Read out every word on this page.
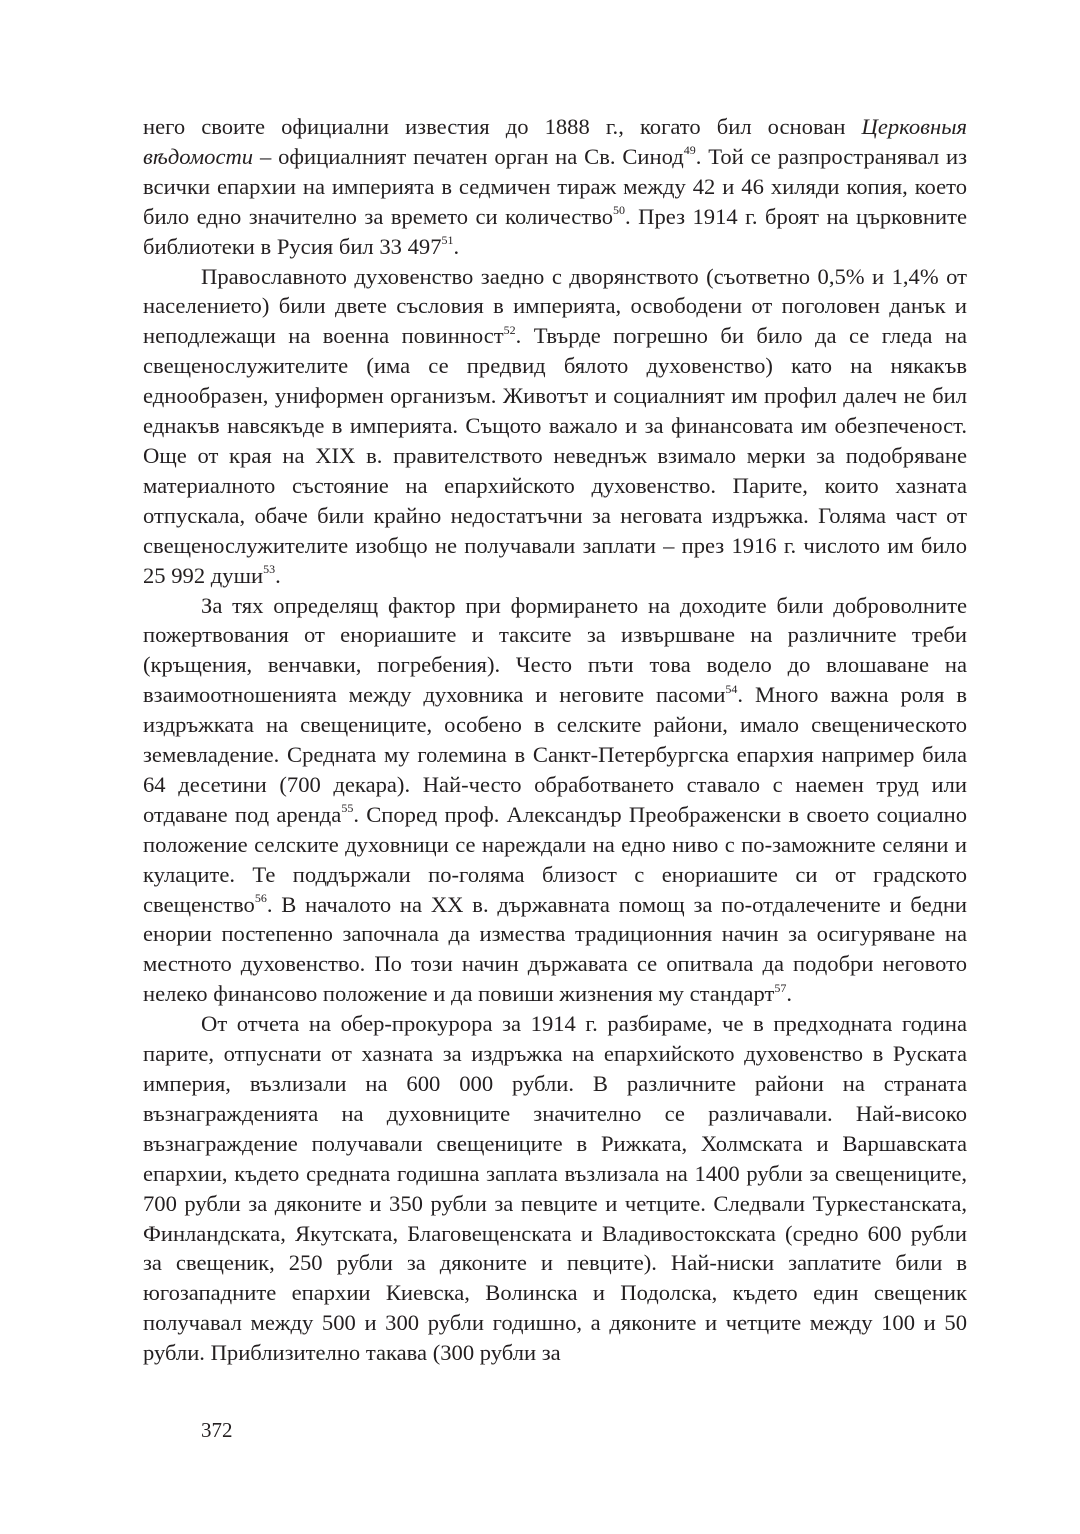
него своите официални известия до 1888 г., когато бил основан Церковныя вѣдомости – официалният печатен орган на Св. Синод$^{49}$. Той се разпространявал из всички епархии на империята в седмичен тираж между 42 и 46 хиляди копия, което било едно значително за времето си количество$^{50}$. През 1914 г. броят на църковните библиотеки в Русия бил 33 $497^{51}$.

Православното духовенство заедно с дворянството (съответно 0,5% и 1,4% от населението) били двете съсловия в империята, освободени от поголовен данък и неподлежащи на военна повинност$^{52}$. Твърде погрешно би било да се гледа на свещенослужителите (има се предвид бялото духовенство) като на някакъв еднообразен, униформен организъм. Животът и социалният им профил далеч не бил еднакъв навсякъде в империята. Същото важало и за финансовата им обезпеченост. Още от края на XIX в. правителството неведнъж взимало мерки за подобряване материалното състояние на епархийското духовенство. Парите, които хазната отпускала, обаче били крайно недостатъчни за неговата издръжка. Голяма част от свещенослужителите изобщо не получавали заплати – през 1916 г. числото им било 25 992 души$^{53}$.

За тях определящ фактор при формирането на доходите били доброволните пожертвования от енориашите и таксите за извършване на различните треби (кръщения, венчавки, погребения). Често пъти това водело до влошаване на взаимоотношенията между духовника и неговите пасоми$^{54}$. Много важна роля в издръжката на свещениците, особено в селските райони, имало свещеническото земевладение. Средната му големина в Санкт-Петербургска епархия например била 64 десетини (700 декара). Най-често обработването ставало с наемен труд или отдаване под аренда$^{55}$. Според проф. Александър Преображенски в своето социално положение селските духовници се нареждали на едно ниво с по-заможните селяни и кулаците. Те поддържали по-голяма близост с енориашите си от градското свещенство$^{56}$. В началото на XX в. държавната помощ за по-отдалечените и бедни енории постепенно започнала да измества традиционния начин за осигуряване на местното духовенство. По този начин държавата се опитвала да подобри неговото нелеко финансово положение и да повиши жизнения му стандарт$^{57}$.

От отчета на обер-прокурора за 1914 г. разбираме, че в предходната година парите, отпуснати от хазната за издръжка на епархийското духовенство в Руската империя, възлизали на 600 000 рубли. В различните райони на страната възнагражденията на духовниците значително се различавали. Най-високо възнаграждение получавали свещениците в Рижката, Холмската и Варшавската епархии, където средната годишна заплата възлизала на 1400 рубли за свещениците, 700 рубли за дяконите и 350 рубли за певците и четците. Следвали Туркестанската, Финландската, Якутската, Благовещенската и Владивостокската (средно 600 рубли за свещеник, 250 рубли за дяконите и певците). Най-ниски заплатите били в югозападните епархии Киевска, Волинска и Подолска, където един свещеник получавал между 500 и 300 рубли годишно, а дяконите и четците между 100 и 50 рубли. Приблизително такава (300 рубли за

372
